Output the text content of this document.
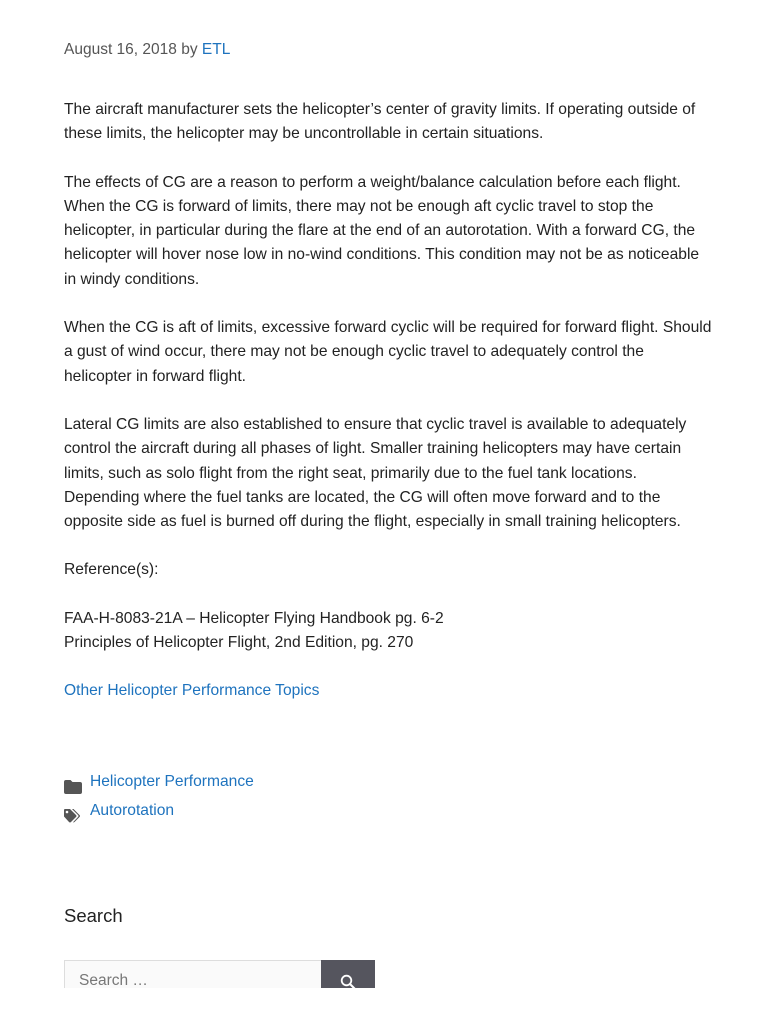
August 16, 2018 by ETL

The aircraft manufacturer sets the helicopter’s center of gravity limits. If operating outside of these limits, the helicopter may be uncontrollable in certain situations.

The effects of CG are a reason to perform a weight/balance calculation before each flight. When the CG is forward of limits, there may not be enough aft cyclic travel to stop the helicopter, in particular during the flare at the end of an autorotation. With a forward CG, the helicopter will hover nose low in no-wind conditions. This condition may not be as noticeable in windy conditions.

When the CG is aft of limits, excessive forward cyclic will be required for forward flight. Should a gust of wind occur, there may not be enough cyclic travel to adequately control the helicopter in forward flight.

Lateral CG limits are also established to ensure that cyclic travel is available to adequately control the aircraft during all phases of light. Smaller training helicopters may have certain limits, such as solo flight from the right seat, primarily due to the fuel tank locations. Depending where the fuel tanks are located, the CG will often move forward and to the opposite side as fuel is burned off during the flight, especially in small training helicopters.

Reference(s):

FAA-H-8083-21A – Helicopter Flying Handbook pg. 6-2
Principles of Helicopter Flight, 2nd Edition, pg. 270

Other Helicopter Performance Topics

Helicopter Performance
Autorotation
Search
Search …
